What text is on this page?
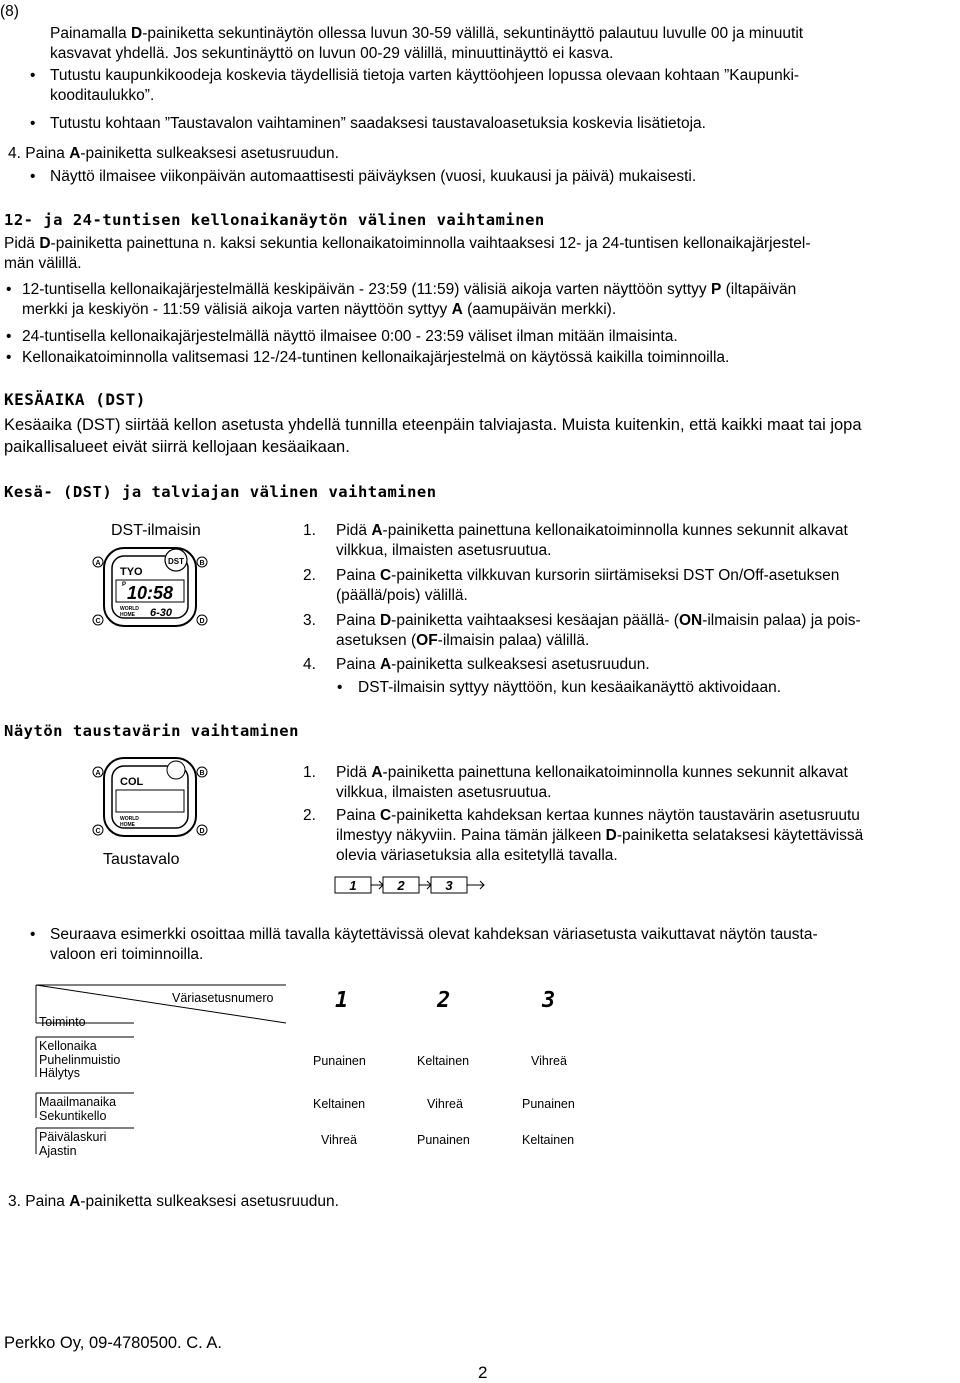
(8)
Painamalla D-painiketta sekuntinäytön ollessa luvun 30-59 välillä, sekuntinäyttö palautuu luvulle 00 ja minuutit
kasvavat yhdellä. Jos sekuntinäyttö on luvun 00-29 välillä, minuuttinäyttö ei kasva.
• Tutustu kaupunkikoodeja koskevia täydellisiä tietoja varten käyttöohjeen lopussa olevaan kohtaan ”Kaupunki-
kooditaulukko”.
• Tutustu kohtaan ”Taustavalon vaihtaminen” saadaksesi taustavaloasetuksia koskevia lisätietoja.
4. Paina A-painiketta sulkeaksesi asetusruudun.
• Näyttö ilmaisee viikonpäivän automaattisesti päiväyksen (vuosi, kuukausi ja päivä) mukaisesti.
12- ja 24-tuntisen kellonaikanäytön välinen vaihtaminen
Pidä D-painiketta painettuna n. kaksi sekuntia kellonaikatoiminnolla vaihtaaksesi 12- ja 24-tuntisen kellonaikajärjestel-
män välillä.
• 12-tuntisella kellonaikajärjestelmällä keskipäivän - 23:59 (11:59) välisiä aikoja varten näyttöön syttyy P (iltapäivän
merkki ja keskiyön - 11:59 välisiä aikoja varten näyttöön syttyy A (aamupäivän merkki).
• 24-tuntisella kellonaikajärjestelmällä näyttö ilmaisee 0:00 - 23:59 väliset ilman mitään ilmaisinta.
• Kellonaikatoiminnolla valitsemasi 12-/24-tuntinen kellonaikajärjestelmä on käytössä kaikilla toiminnoilla.
KESÄAIKA (DST)
Kesäaika (DST) siirtää kellon asetusta yhdellä tunnilla eteenpäin talviajasta. Muista kuitenkin, että kaikki maat tai jopa
paikallisalueet eivät siirrä kellojaan kesäaikaan.
Kesä- (DST) ja talviajan välinen vaihtaminen
DST-ilmaisin
DST
TYO
P 10:58
WORLD
HOME 6-30
A	B
C	D
1. Pidä A-painiketta painettuna kellonaikatoiminnolla kunnes sekunnit alkavat
vilkkua, ilmaisten asetusruutua.
2. Paina C-painiketta vilkkuvan kursorin siirtämiseksi DST On/Off-asetuksen
(päällä/pois) välillä.
3. Paina D-painiketta vaihtaaksesi kesäajan päällä- (ON-ilmaisin palaa) ja pois-
asetuksen (OF-ilmaisin palaa) välillä.
4. Paina A-painiketta sulkeaksesi asetusruudun.
• DST-ilmaisin syttyy näyttöön, kun kesäaikanäyttö aktivoidaan.
Näytön taustavärin vaihtaminen
COL
WORLD
HOME
A	B
C	D
Taustavalo
1. Pidä A-painiketta painettuna kellonaikatoiminnolla kunnes sekunnit alkavat
vilkkua, ilmaisten asetusruutua.
2. Paina C-painiketta kahdeksan kertaa kunnes näytön taustavärin asetusruutu
ilmestyy näkyviin. Paina tämän jälkeen D-painiketta selataksesi käytettävissä
olevia väriasetuksia alla esitetyllä tavalla.
1	2	3
• Seuraava esimerkki osoittaa millä tavalla käytettävissä olevat kahdeksan väriasetusta vaikuttavat näytön tausta-
valoon eri toiminnoilla.
Väriasetusnumero
Toiminto
1	2	3
Kellonaika
Puhelinmuistio
Hälytys
Punainen	Keltainen	Vihreä
Maailmanaika
Sekuntikello
Keltainen	Vihreä	Punainen
Päivälaskuri
Ajastin
Vihreä	Punainen	Keltainen
3. Paina A-painiketta sulkeaksesi asetusruudun.
Perkko Oy, 09-4780500. C. A.
2
